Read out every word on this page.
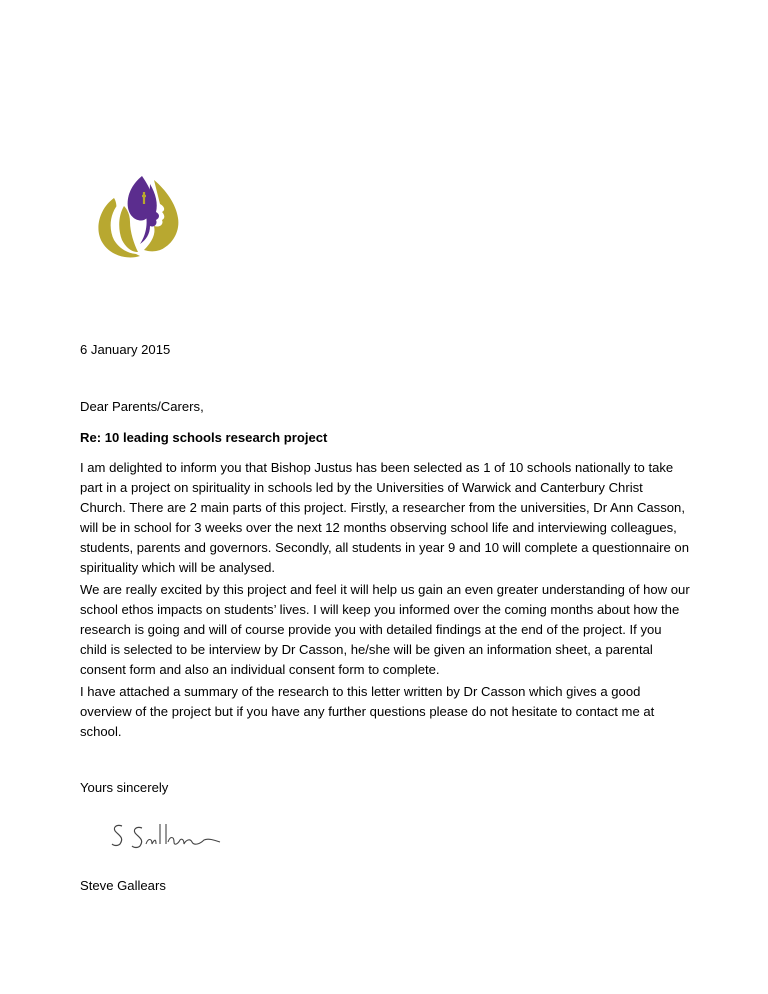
6 January 2015
Dear Parents/Carers,
Re: 10 leading schools research project
I am delighted to inform you that Bishop Justus has been selected as 1 of 10 schools nationally to take part in a project on spirituality in schools led by the Universities of Warwick and Canterbury Christ Church. There are 2 main parts of this project. Firstly, a researcher from the universities, Dr Ann Casson, will be in school for 3 weeks over the next 12 months observing school life and interviewing colleagues, students, parents and governors. Secondly, all students in year 9 and 10 will complete a questionnaire on spirituality which will be analysed.
We are really excited by this project and feel it will help us gain an even greater understanding of how our school ethos impacts on students’ lives. I will keep you informed over the coming months about how the research is going and will of course provide you with detailed findings at the end of the project. If you child is selected to be interview by Dr Casson, he/she will be given an information sheet, a parental consent form and also an individual consent form to complete.
I have attached a summary of the research to this letter written by Dr Casson which gives a good overview of the project but if you have any further questions please do not hesitate to contact me at school.
Yours sincerely
Steve Gallears
